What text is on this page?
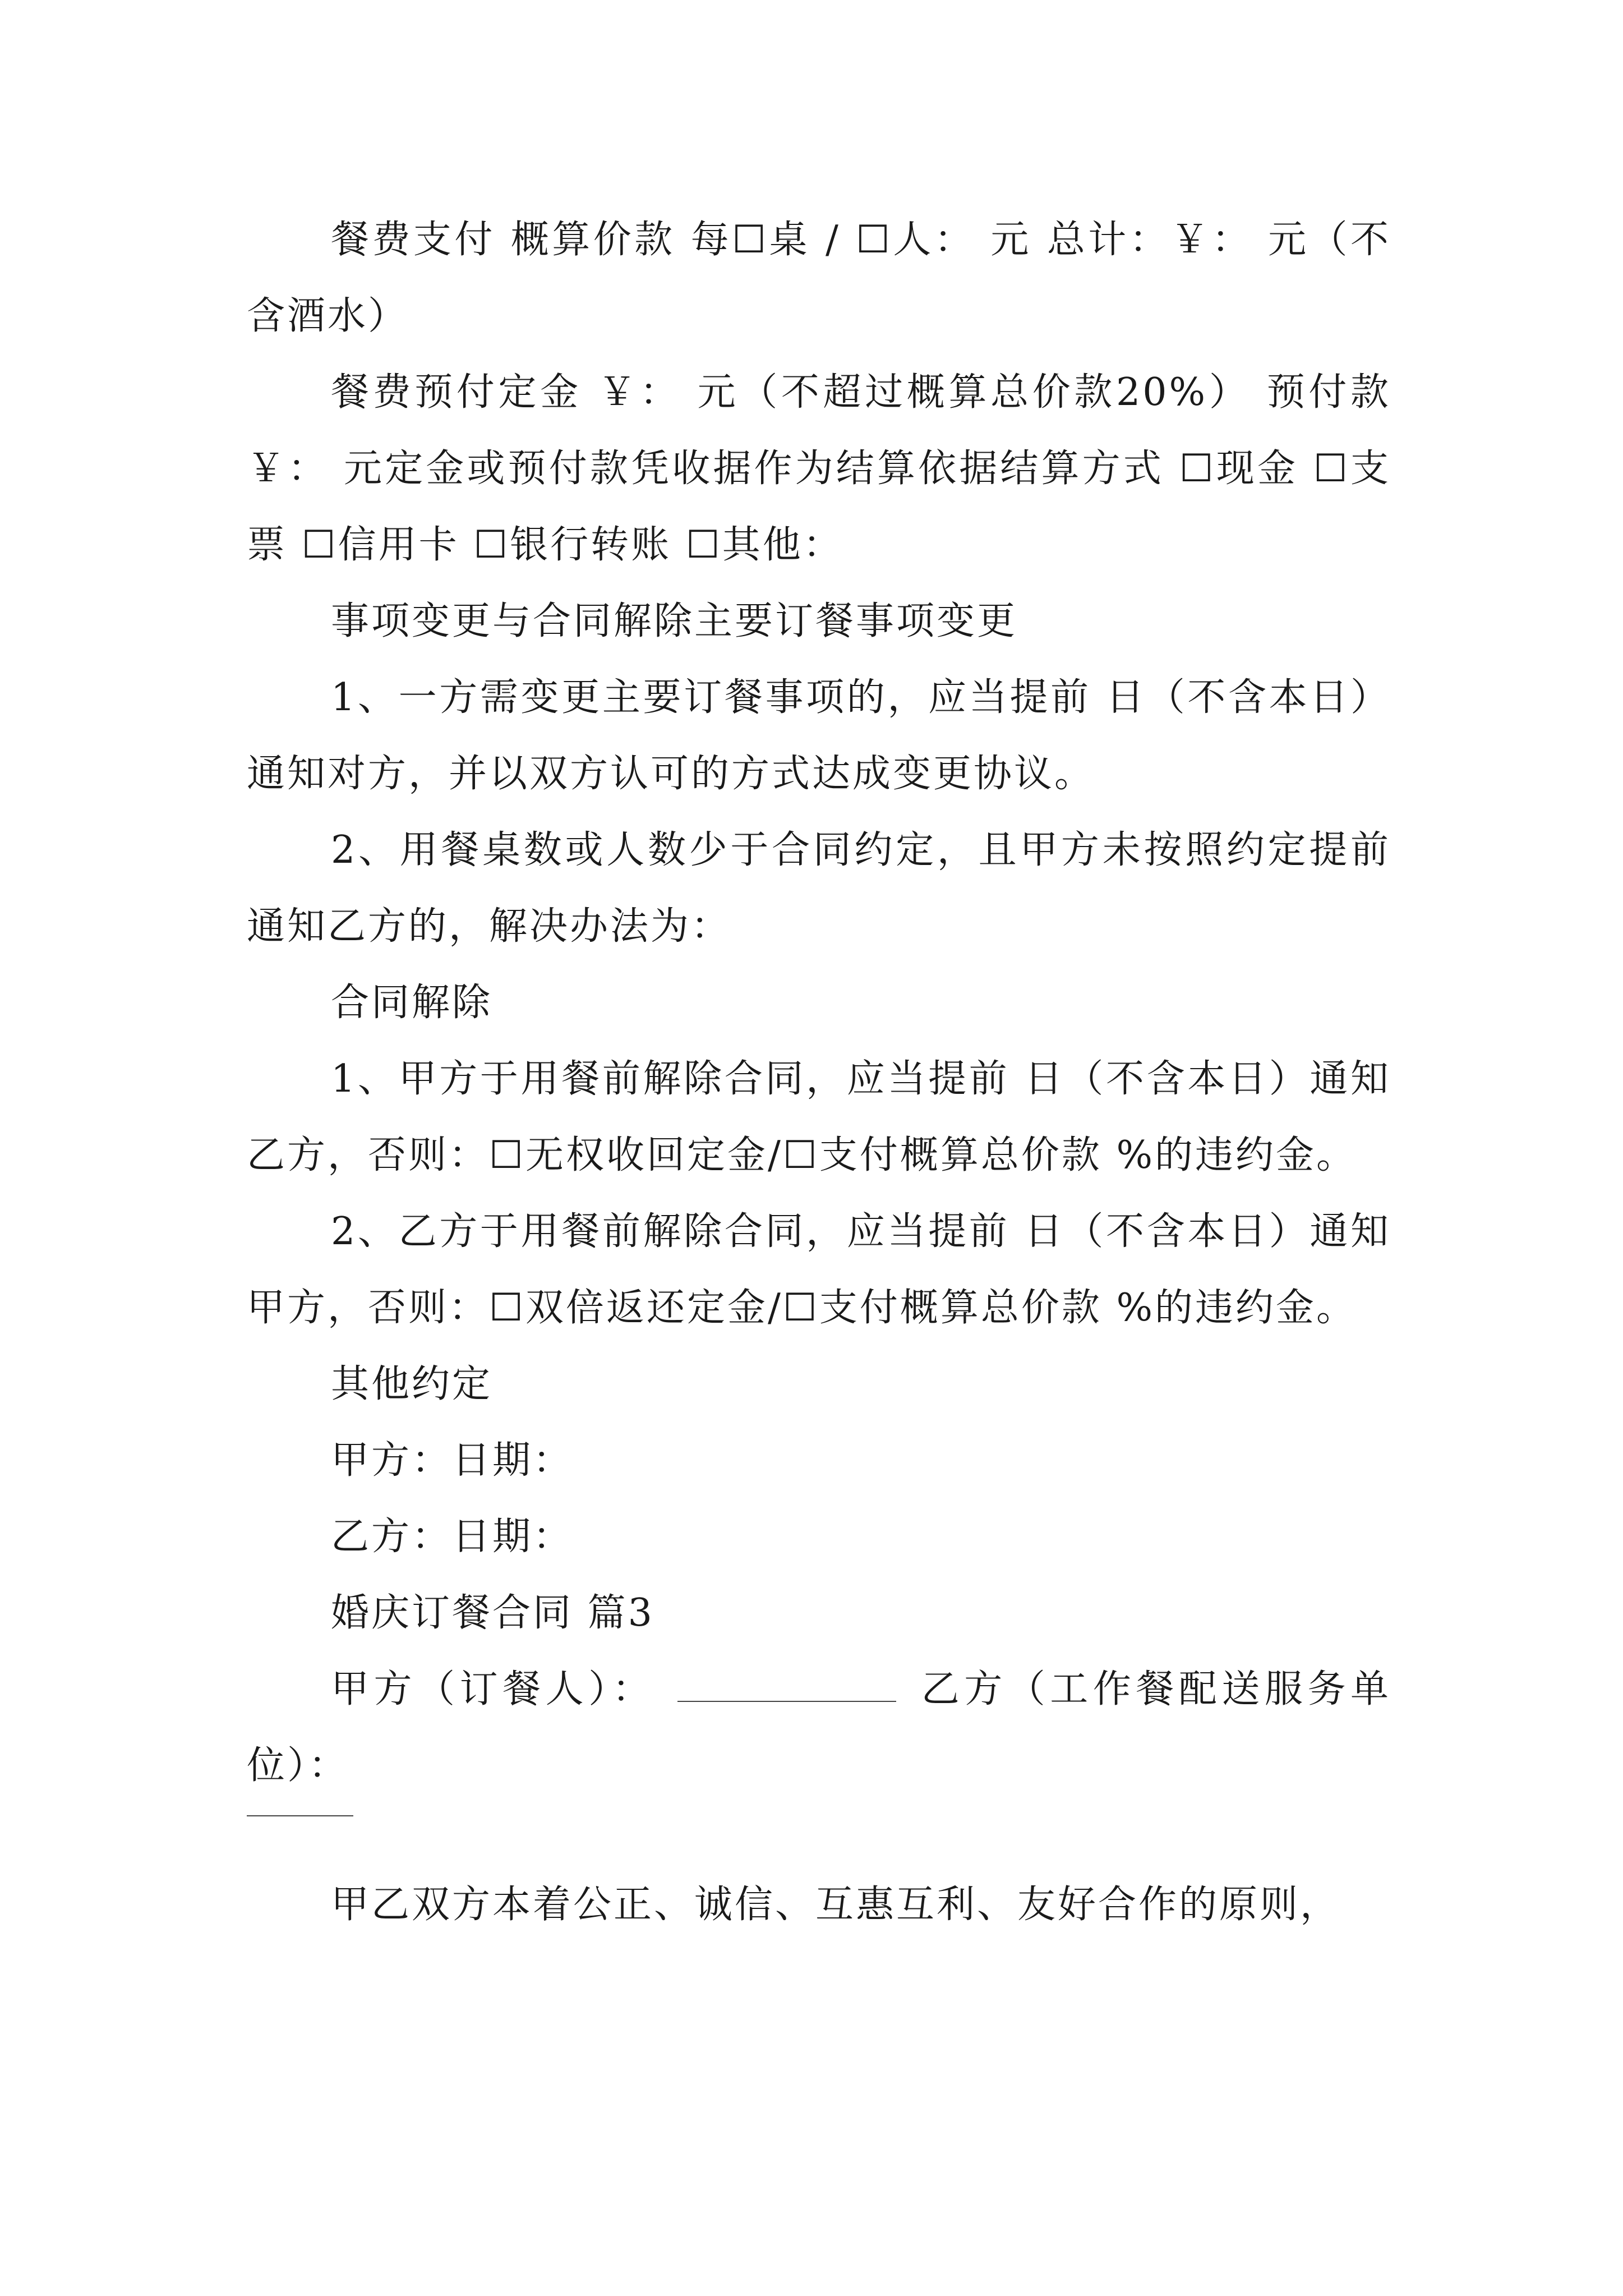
餐费支付 概算价款 每☐桌 / ☐人： 元 总计：￥： 元（不含酒水）

餐费预付定金 ￥： 元（不超过概算总价款20%） 预付款￥： 元定金或预付款凭收据作为结算依据结算方式 ☐现金 ☐支票 ☐信用卡 ☐银行转账 ☐其他：

事项变更与合同解除主要订餐事项变更

1、一方需变更主要订餐事项的，应当提前 日（不含本日）通知对方，并以双方认可的方式达成变更协议。

2、用餐桌数或人数少于合同约定，且甲方未按照约定提前通知乙方的，解决办法为：

合同解除

1、甲方于用餐前解除合同，应当提前 日（不含本日）通知乙方，否则：☐无权收回定金/☐支付概算总价款 %的违约金。

2、乙方于用餐前解除合同，应当提前 日（不含本日）通知甲方，否则：☐双倍返还定金/☐支付概算总价款 %的违约金。

其他约定

甲方：日期：

乙方：日期：

婚庆订餐合同 篇3

甲方（订餐人）：	乙方（工作餐配送服务单位）：

甲乙双方本着公正、诚信、互惠互利、友好合作的原则，
